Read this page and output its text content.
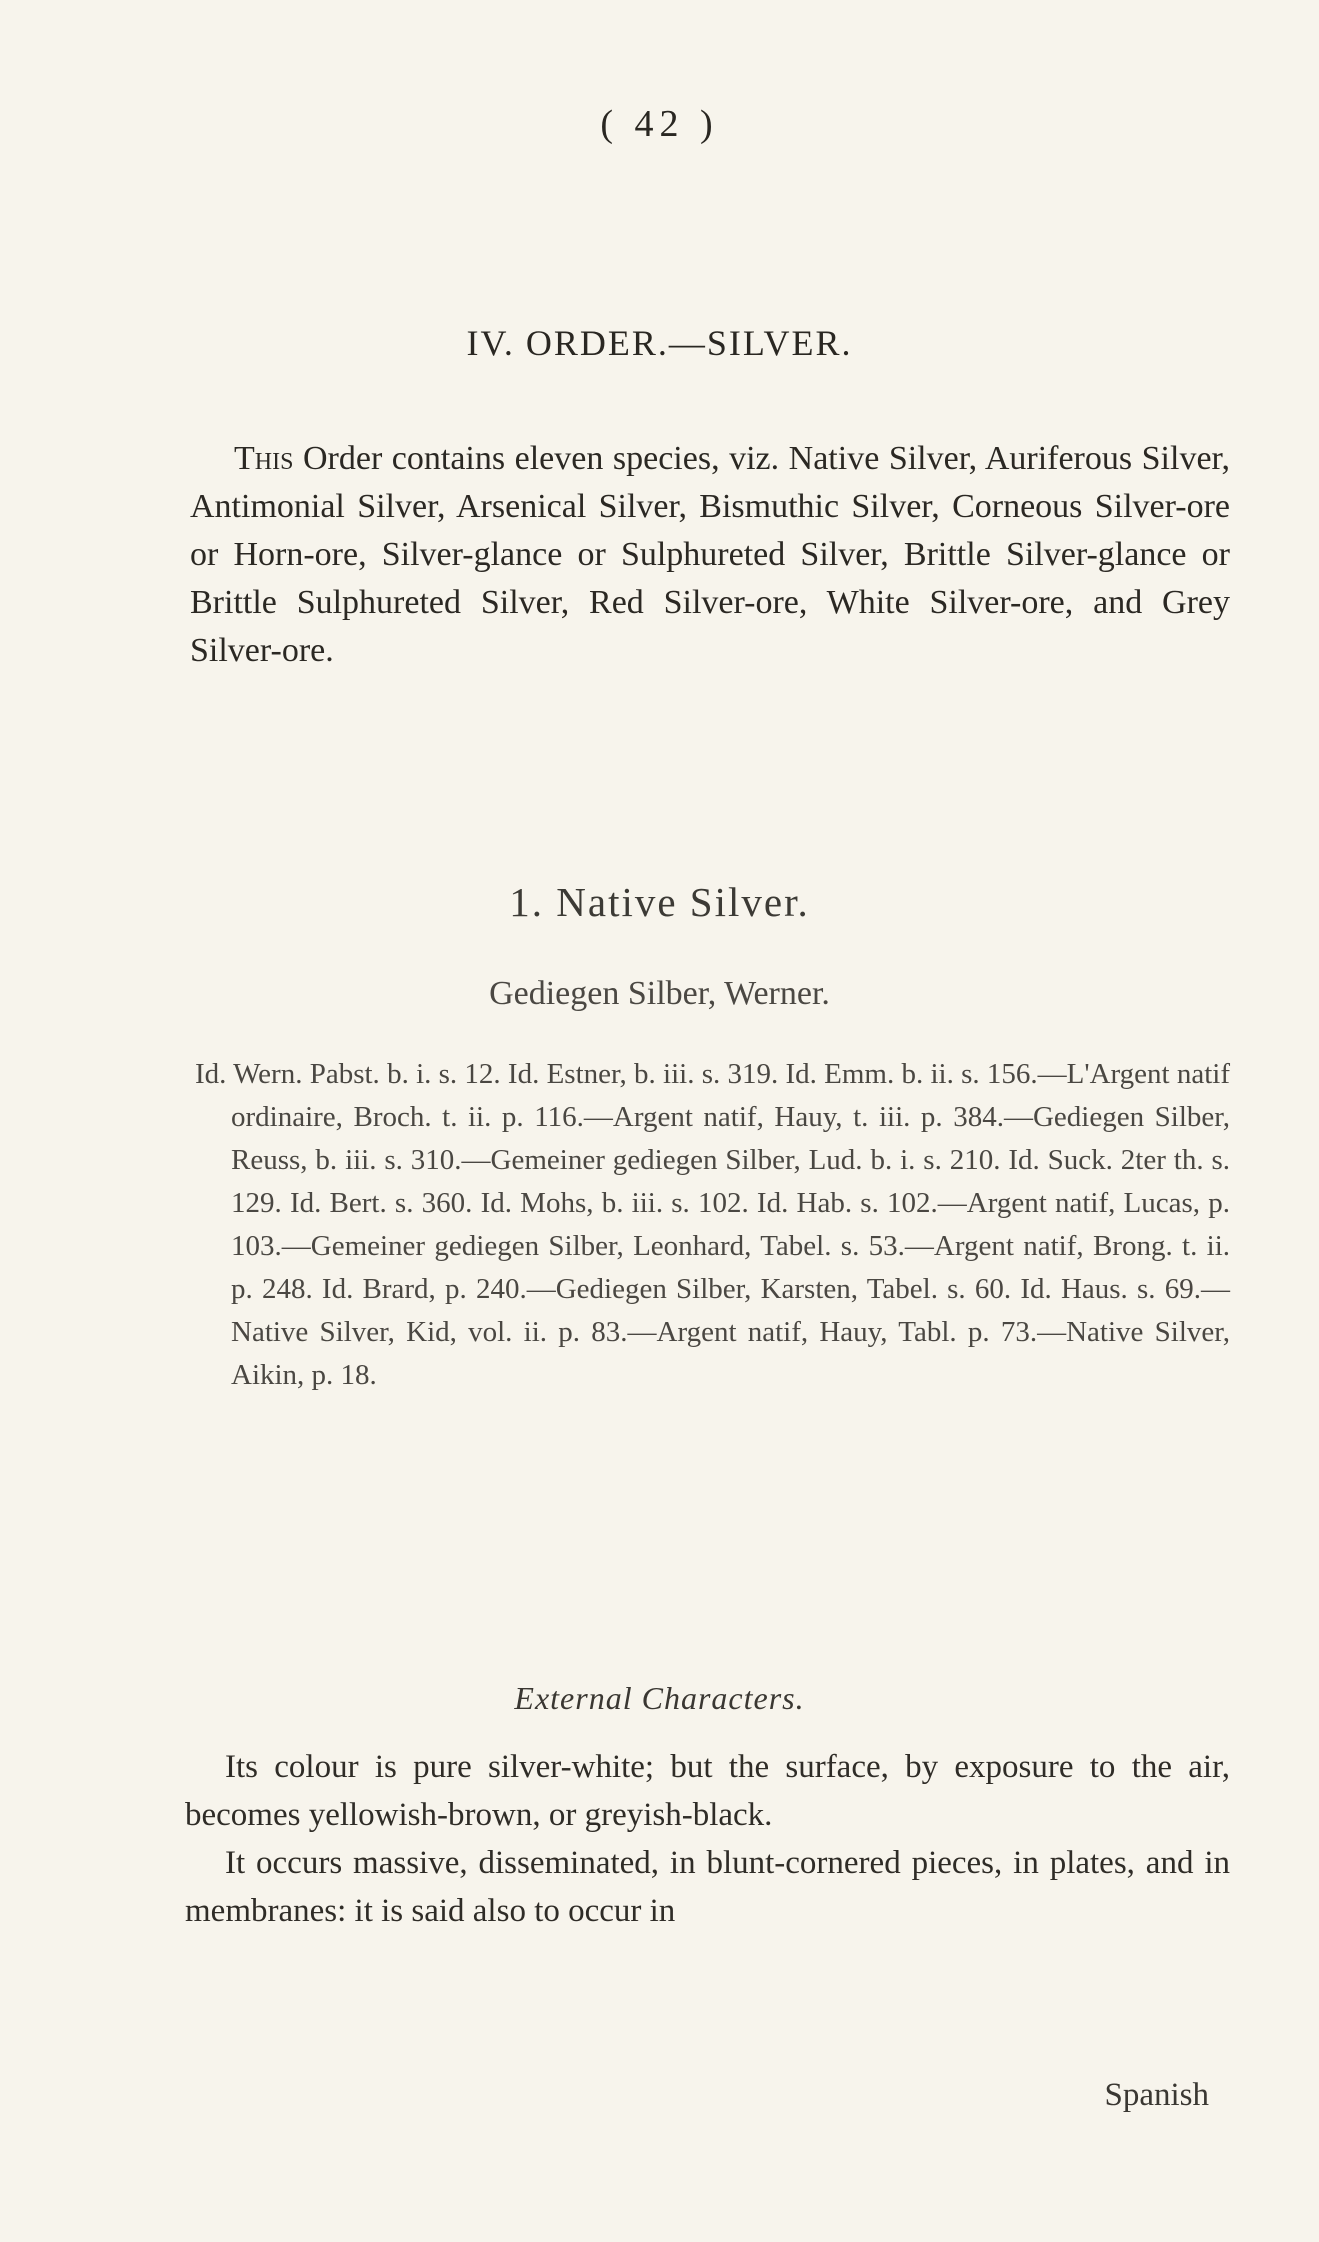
( 42 )
IV. ORDER.—SILVER.
This Order contains eleven species, viz. Native Silver, Auriferous Silver, Antimonial Silver, Arsenical Silver, Bismuthic Silver, Corneous Silver-ore or Horn-ore, Silver-glance or Sulphureted Silver, Brittle Silver-glance or Brittle Sulphureted Silver, Red Silver-ore, White Silver-ore, and Grey Silver-ore.
1. Native Silver.
Gediegen Silber, Werner.

Id. Wern. Pabst. b. i. s. 12. Id. Estner, b. iii. s. 319. Id. Emm. b. ii. s. 156.—L'Argent natif ordinaire, Broch. t. ii. p. 116.—Argent natif, Hauy, t. iii. p. 384.—Gediegen Silber, Reuss, b. iii. s. 310.—Gemeiner gediegen Silber, Lud. b. i. s. 210. Id. Suck. 2ter th. s. 129. Id. Bert. s. 360. Id. Mohs, b. iii. s. 102. Id. Hab. s. 102.—Argent natif, Lucas, p. 103.—Gemeiner gediegen Silber, Leonhard, Tabel. s. 53.—Argent natif, Brong. t. ii. p. 248. Id. Brard, p. 240.—Gediegen Silber, Karsten, Tabel. s. 60. Id. Haus. s. 69.—Native Silver, Kid, vol. ii. p. 83.—Argent natif, Hauy, Tabl. p. 73.—Native Silver, Aikin, p. 18.

External Characters.

Its colour is pure silver-white; but the surface, by exposure to the air, becomes yellowish-brown, or greyish-black.

It occurs massive, disseminated, in blunt-cornered pieces, in plates, and in membranes: it is said also to occur in

Spanish
